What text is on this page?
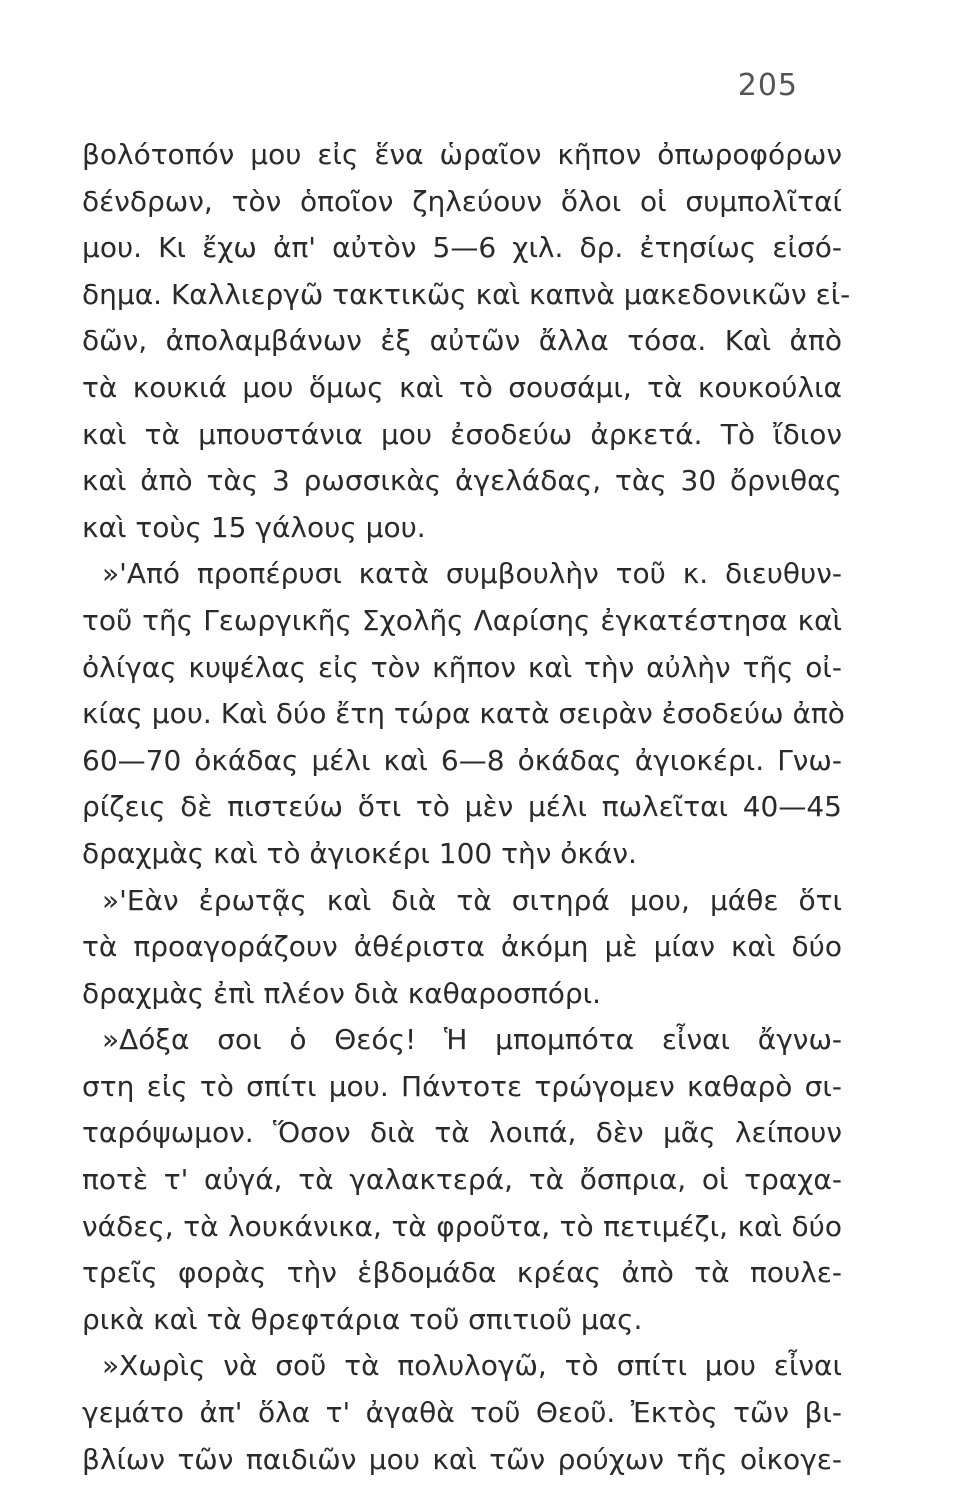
205
βολότοπόν μου εἰς ἕνα ὡραῖον κῆπον ὀπωροφόρων
δένδρων, τὸν ὁποῖον ζηλεύουν ὅλοι οἱ συμπολῖταί
μου. Κι ἔχω ἀπ' αὐτὸν 5—6 χιλ. δρ. ἐτησίως εἰσό-
δημα. Καλλιεργῶ τακτικῶς καὶ καπνὰ μακεδονικῶν εἰ-
δῶν, ἀπολαμβάνων ἐξ αὐτῶν ἄλλα τόσα. Καὶ ἀπὸ
τὰ κουκιά μου ὅμως καὶ τὸ σουσάμι, τὰ κουκούλια
καὶ τὰ μπουστάνια μου ἐσοδεύω ἀρκετά. Τὸ ἴδιον
καὶ ἀπὸ τὰς 3 ρωσσικὰς ἀγελάδας, τὰς 30 ὄρνιθας
καὶ τοὺς 15 γάλους μου.
»'Από προπέρυσι κατὰ συμβουλὴν τοῦ κ. διευθυν-
τοῦ τῆς Γεωργικῆς Σχολῆς Λαρίσης ἐγκατέστησα καὶ
ὀλίγας κυψέλας εἰς τὸν κῆπον καὶ τὴν αὐλὴν τῆς οἰ-
κίας μου. Καὶ δύο ἔτη τώρα κατὰ σειρὰν ἐσοδεύω ἀπὸ
60—70 ὀκάδας μέλι καὶ 6—8 ὀκάδας ἀγιοκέρι. Γνω-
ρίζεις δὲ πιστεύω ὅτι τὸ μὲν μέλι πωλεῖται 40—45
δραχμὰς καὶ τὸ ἀγιοκέρι 100 τὴν ὀκάν.
»'Εὰν ἐρωτᾷς καὶ διὰ τὰ σιτηρά μου, μάθε ὅτι
τὰ προαγοράζουν ἀθέριστα ἀκόμη μὲ μίαν καὶ δύο
δραχμὰς ἐπὶ πλέον διὰ καθαροσπόρι.
»Δόξα σοι ὁ Θεός! Ἡ μπομπότα εἶναι ἄγνω-
στη εἰς τὸ σπίτι μου. Πάντοτε τρώγομεν καθαρὸ σι-
ταρόψωμον. Ὅσον διὰ τὰ λοιπά, δὲν μᾶς λείπουν
ποτὲ τ' αὐγά, τὰ γαλακτερά, τὰ ὄσπρια, οἱ τραχα-
νάδες, τὰ λουκάνικα, τὰ φροῦτα, τὸ πετιμέζι, καὶ δύο
τρεῖς φορὰς τὴν ἑβδομάδα κρέας ἀπὸ τὰ πουλε-
ρικὰ καὶ τὰ θρεφτάρια τοῦ σπιτιοῦ μας.
»Χωρὶς νὰ σοῦ τὰ πολυλογῶ, τὸ σπίτι μου εἶναι
γεμάτο ἀπ' ὅλα τ' ἀγαθὰ τοῦ Θεοῦ. Ἐκτὸς τῶν βι-
βλίων τῶν παιδιῶν μου καὶ τῶν ρούχων τῆς οἰκογε-
